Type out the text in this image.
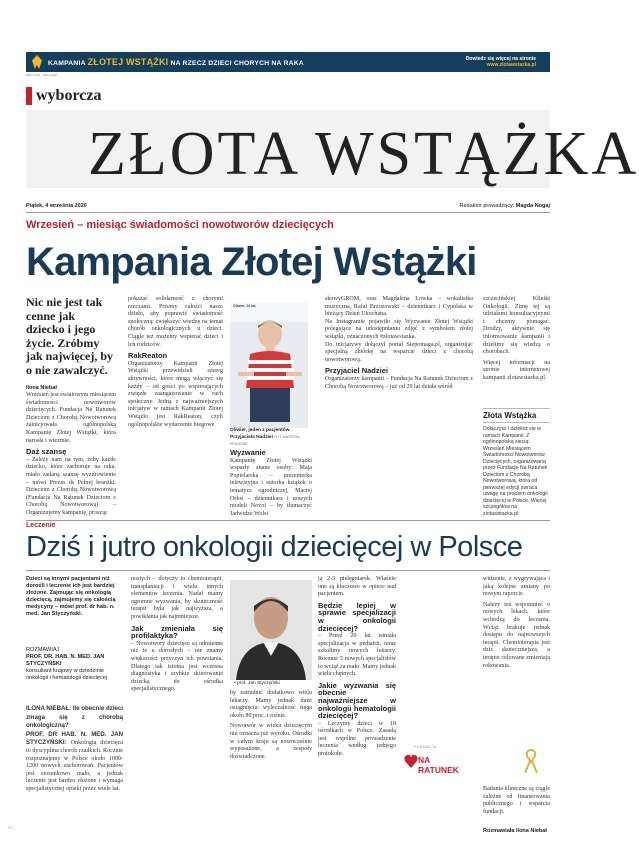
KAMPANIA ZŁOTEJ WSTĄŻKI NA RZECZ DZIECI CHORYCH NA RAKA
Dowiedz się więcej na stronie
www.zlotawstazka.pl
REKLAMA - REKLAMA
wyborcza
ZŁOTA WSTĄŻKA
Piątek, 4 września 2020	Redaktor prowadzący: Magda Nogaj
Wrzesień – miesiąc świadomości nowotworów dziecięcych
Kampania Złotej Wstążki
Nic nie jest tak cenne jak dziecko i jego życie. Zróbmy jak najwięcej, by o nie zawalczyć.
Ilona Niebał

Wrzesień jest światowym miesiącem świadomości nowotworów dziecięcych. Fundacja Na Ratunek Dzieciom z Chorobą Nowotworową zainicjowała ogólnopolską Kampanię Złotej Wstążki, która narosła i wiezmie.

Daż szansę

– Zależy nam na tym, żeby każde dziecko, które zachoruje na raka, miało zadaną szansę wyzdrowienie – mówi Prezes ds Pełnej branżki. Dzieciom z Chorobą Nowotworową (Fundacja Na Ratunek Dzieciom z Chorobą Nowotworową). – Organizujemy kampanię, prosząc

pokazać solidarność z chorymi rzeczami. Przemy całości nasze dzieło, aby poprawić świadomość społeczną: zwiększyć wiedzę na temat chorób onkologicznych u dzieci. Ciągle też możemy wspierać dzieci i ich rodziców.

RakReaton

Organizatorzy Kampanii Złotej Wstążki przewidzieli szereg aktywności, które mogą włączyć się każdy – od gości po wspierających zwięzłe zaangażowanie w ruch społeczny. Jedną z najważniejszych inicjatyw w ramach Kampanii Złotej Wstążki jest RakReaton, czyli ogólnopolskie wydarzenie biegowe

Oliwier, 10 lat,
Oliwier, jeden z pacjentów
Przyjaciela Nadziei FOT. MATERIAŁ PRASOWE
Wyzwanie

Kampanię Złotej Wstążki wsparły znane osoby: Maja Popielarska – prezenterka telewizyjna i autorka książek o tematyce ogrodniczej, Maciej Orłoś – dziennikarz i nowych modeli Novol – by tłumaczyć Jadwidze Wolsi

skowyGROM, oraz Magdalena Łowka – wokalistka muzyczna, Rafał Brzozowski – dziennikarz i Cypolska w bieżący Dzień Ukochana.

Na Instagramie pojawiło się Wyzwanie Złotej Wstążki polegające na udostępnianiu zdjęć z symbolem złotej wstążki, oznaczonych #złotawstazka.

Do inicjatywy dołączył portal Siepomaga.pl, organizując specjalną zbiórkę na wsparcie dzieci z chorobą nowotworową.

Przyjaciel Nadziei

Organizatorzy kampanii – Fundacja Na Ratunek Dzieciom z Chorobą Nowotworową – już od 29 lat działa wśród

szczecińskiej Kliniki Onkologii. Zimę tej są udziałami konsultacyjnymi i chcemy pomagać. Drodzy, aktywnie się informowanie kampanii i dzielimy się wiedzą o chorobach.

Więcej informacji na stronie internetowej kampanii zlotawstazka.pl.

Złota Wstążka
Dołączysz i dzielisz się w ramach Kampanii. Z ogólnopolską siecią: Wrzesień Miesiącem Świadomości Nowotworów Dziecięcych, organizowaną przez Fundację Na Ratunek Dzieciom z Chorobą Nowotworową, która od pierwszej edycji zwraca uwagę na problem onkologii dziecięcej w Polsce. Więcej szczegółów na zlotawstazka.pl
Leczenie
Dziś i jutro onkologii dziecięcej w Polsce
Dzieci są innymi pacjentami niż dorośli i leczenie ich jest bardziej złożone. Zajmując się onkologią dziecięcą, zajmujemy się całością medycyny – mówi prof. dr hab. n. med. Jan Styczyński.
ROZMAWIAJ
PROF. DR. HAB. N. MED. JAN STYCZYŃSKI
konsultant krajowy w dziedzinie onkologii i hematologii dziecięcej
ILONA NIEBAŁ: Ile obecnie dzieci zmaga się z chorobą onkologiczną?
PROF. DR HAB. N. MED. JAN STYCZYŃSKI: Onkologia dziecięca to dyscyplina chorób rzadkich. Rocznie rozpoznajemy w Polsce około 1000-1200 nowych zachorowań. Pacjentów jest stosunkowo mało, a jednak leczenie jest bardzo złożone i wymaga specjalistycznej opieki przez wiele lat.

nostych – dotyczy to chemioterapii, transplantacji i wielu innych elementów leczenia. Nadal mamy ogromne wyzwania, by skuteczność terapii była jak najwyższa, a powikłania jak najmniejsze.

Jak zmieniała się profilaktyka?

– Nowotwory dziecięce są odmienne niż te u dorosłych – nie znamy większości przyczyn ich powstania. Dlatego tak istotna jest wczesna diagnostyka i szybkie skierowanie dziecka do ośrodka specjalistycznego.

• prof. Jan Styczyński

by zatrudnić dodatkowo wielu lekarzy. Mamy jednak duże osiągnięcia: wyleczalność sięga około 80 proc. i rośnie.

Nowotwór w wieku dziecięcym nie oznacza już wyroku. Ośrodki w całym kraju są nowocześnie wyposażone, a zespoły doświadczone.

ją 2-3 pielęgniarek. Właśnie one są kluczowe w opiece nad pacjentem.

Będzie lepiej w sprawie specjalizacji w onkologii dziecięcej?

– Przez 20 lat istniała specjalizacja w pediatrii, teraz szkolimy nowych lekarzy. Rocznie 5 nowych specjalistów to wciąż za mało. Mamy jednak wielu chętnych.

Jakie wyzwania się obecnie najważniejsze w onkologii hematologii dziecięcej?

– Leczymy dzieci w 18 ośrodkach w Polsce. Zasadą jest wspólne prowadzenie leczenia według jednego protokołu.

widzenie, z wygrywająca i jaką kolejne zmiany po nowym raporcie.

Należy też wspomnieć o nowych lekach, które wchodzą do leczenia. Wciąż brakuje jednak dostępu do najnowszych terapii. Chemioterapia jest dziś skuteczniejsza, a terapie celowane zmieniają rokowania.

Badania kliniczne są ciągle zależne od finansowania publicznego i wsparcia fundacji.

FUNDACJA
NA RATUNEK
Rozmawiała Ilona Niebał
Z1
